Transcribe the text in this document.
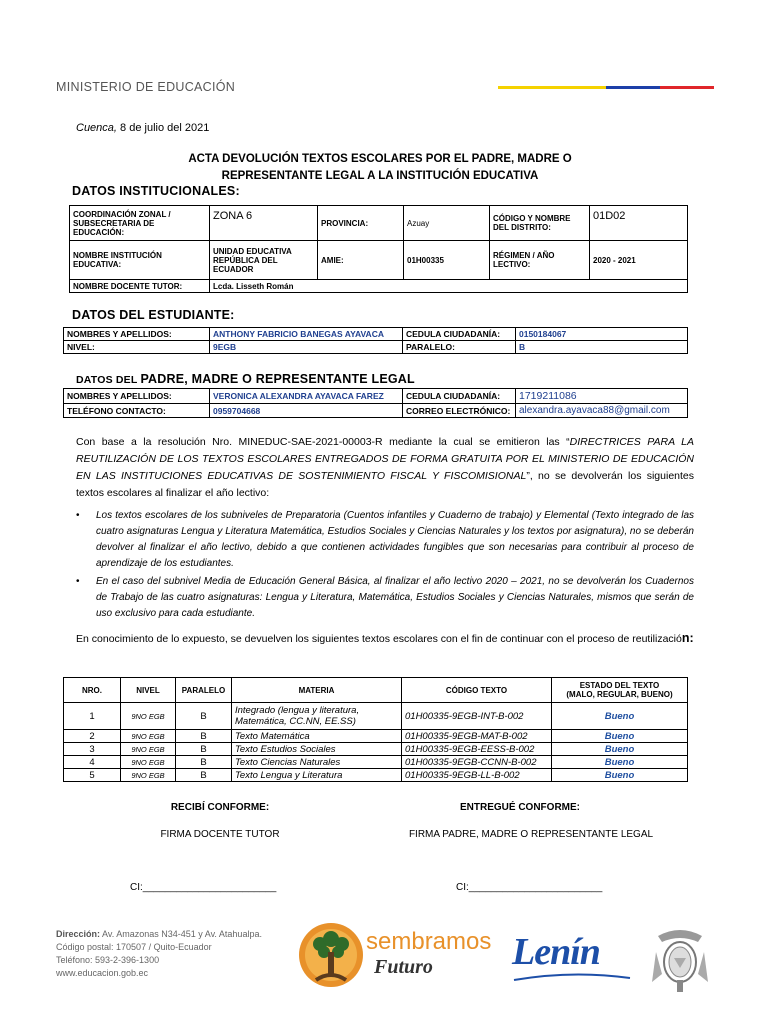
MINISTERIO DE EDUCACIÓN
Cuenca, 8 de julio del 2021
ACTA DEVOLUCIÓN TEXTOS ESCOLARES POR EL PADRE, MADRE O
REPRESENTANTE LEGAL A LA INSTITUCIÓN EDUCATIVA
DATOS INSTITUCIONALES:
COORDINACIÓN ZONAL / SUBSECRETARIA DE EDUCACIÓN:	ZONA 6	PROVINCIA:	Azuay	CÓDIGO Y NOMBRE DEL DISTRITO:	01D02
NOMBRE INSTITUCIÓN EDUCATIVA:	UNIDAD EDUCATIVA REPÚBLICA DEL ECUADOR	AMIE:	01H00335	RÉGIMEN / AÑO LECTIVO:	2020 - 2021
NOMBRE DOCENTE TUTOR:	Lcda. Lisseth Román				
DATOS DEL ESTUDIANTE:
NOMBRES Y APELLIDOS:	ANTHONY FABRICIO BANEGAS AYAVACA	CEDULA CIUDADANÍA:	0150184067
NIVEL:	9EGB	PARALELO:	B
DATOS DEL PADRE, MADRE O REPRESENTANTE LEGAL
NOMBRES Y APELLIDOS:	VERONICA ALEXANDRA AYAVACA FAREZ	CEDULA CIUDADANÍA:	1719211086
TELÉFONO CONTACTO:	0959704668	CORREO ELECTRÓNICO:	alexandra.ayavaca88@gmail.com
Con base a la resolución Nro. MINEDUC-SAE-2021-00003-R mediante la cual se emitieron las “DIRECTRICES PARA LA REUTILIZACIÓN DE LOS TEXTOS ESCOLARES ENTREGADOS DE FORMA GRATUITA POR EL MINISTERIO DE EDUCACIÓN EN LAS INSTITUCIONES EDUCATIVAS DE SOSTENIMIENTO FISCAL Y FISCOMISIONAL”, no se devolverán los siguientes textos escolares al finalizar el año lectivo:
• Los textos escolares de los subniveles de Preparatoria (Cuentos infantiles y Cuaderno de trabajo) y Elemental (Texto integrado de las cuatro asignaturas Lengua y Literatura Matemática, Estudios Sociales y Ciencias Naturales y los textos por asignatura), no se deberán devolver al finalizar el año lectivo, debido a que contienen actividades fungibles que son necesarias para contribuir al proceso de aprendizaje de los estudiantes.
• En el caso del subnivel Media de Educación General Básica, al finalizar el año lectivo 2020 – 2021, no se devolverán los Cuadernos de Trabajo de las cuatro asignaturas: Lengua y Literatura, Matemática, Estudios Sociales y Ciencias Naturales, mismos que serán de uso exclusivo para cada estudiante.
En conocimiento de lo expuesto, se devuelven los siguientes textos escolares con el fin de continuar con el proceso de reutilización:
NRO.	NIVEL	PARALELO	MATERIA	CÓDIGO TEXTO	ESTADO DEL TEXTO
(MALO, REGULAR, BUENO)

1	9NO EGB	B	Integrado (lengua y literatura, Matemática, CC.NN, EE.SS)	01H00335-9EGB-INT-B-002	Bueno
2	9NO EGB	B	Texto Matemática	01H00335-9EGB-MAT-B-002	Bueno
3	9NO EGB	B	Texto Estudios Sociales	01H00335-9EGB-EESS-B-002	Bueno
4	9NO EGB	B	Texto Ciencias Naturales	01H00335-9EGB-CCNN-B-002	Bueno
5	9NO EGB	B	Texto Lengua y Literatura	01H00335-9EGB-LL-B-002	Bueno
RECIBÍ CONFORME:	ENTREGUÉ CONFORME:
FIRMA DOCENTE TUTOR	FIRMA PADRE, MADRE O REPRESENTANTE LEGAL
CI:________________________	CI:________________________
Dirección: Av. Amazonas N34-451 y Av. Atahualpa.
Código postal: 170507 / Quito-Ecuador
Teléfono: 593-2-396-1300
www.educacion.gob.ec
sembramos
Futuro Lenín
